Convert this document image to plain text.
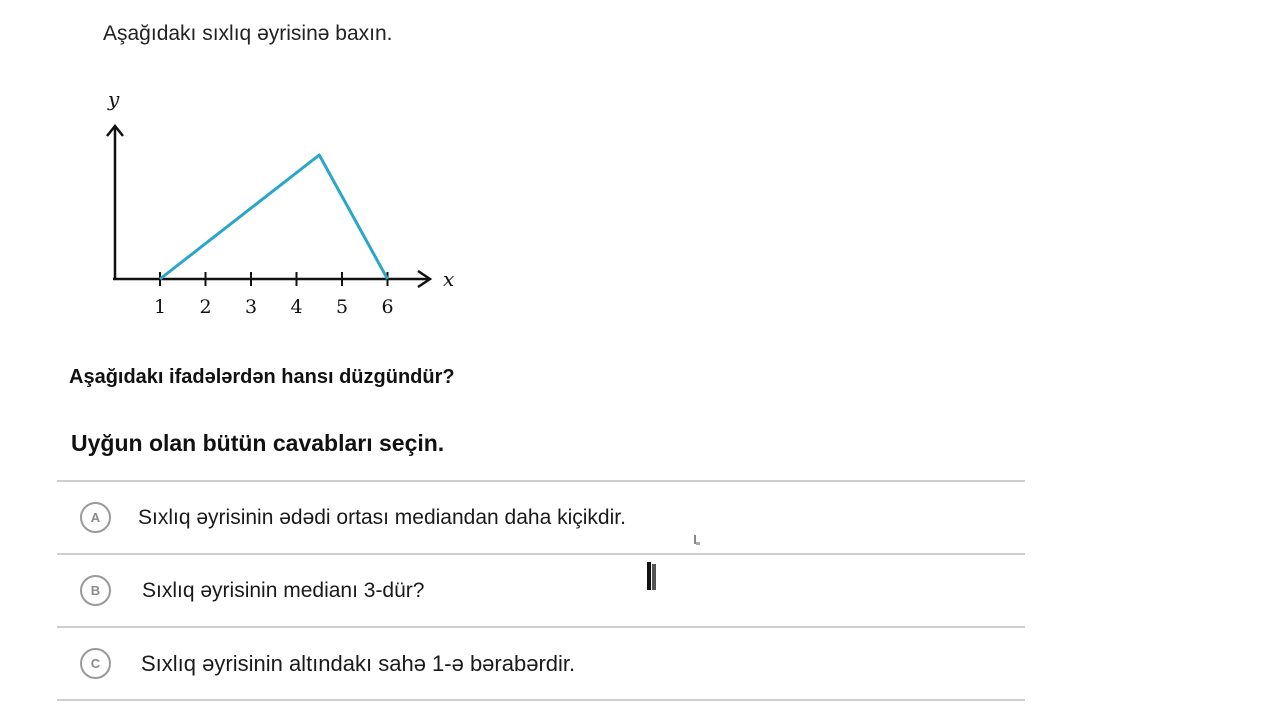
Aşağıdakı sıxlıq əyrisinə baxın.
y
x
1 2 3 4 5 6
Aşağıdakı ifadələrdən hansı düzgündür?
Uyğun olan bütün cavabları seçin.
A	Sıxlıq əyrisinin ədədi ortası mediandan daha kiçikdir.
B	Sıxlıq əyrisinin medianı 3-dür?
C	Sıxlıq əyrisinin altındakı sahə 1-ə bərabərdir.
